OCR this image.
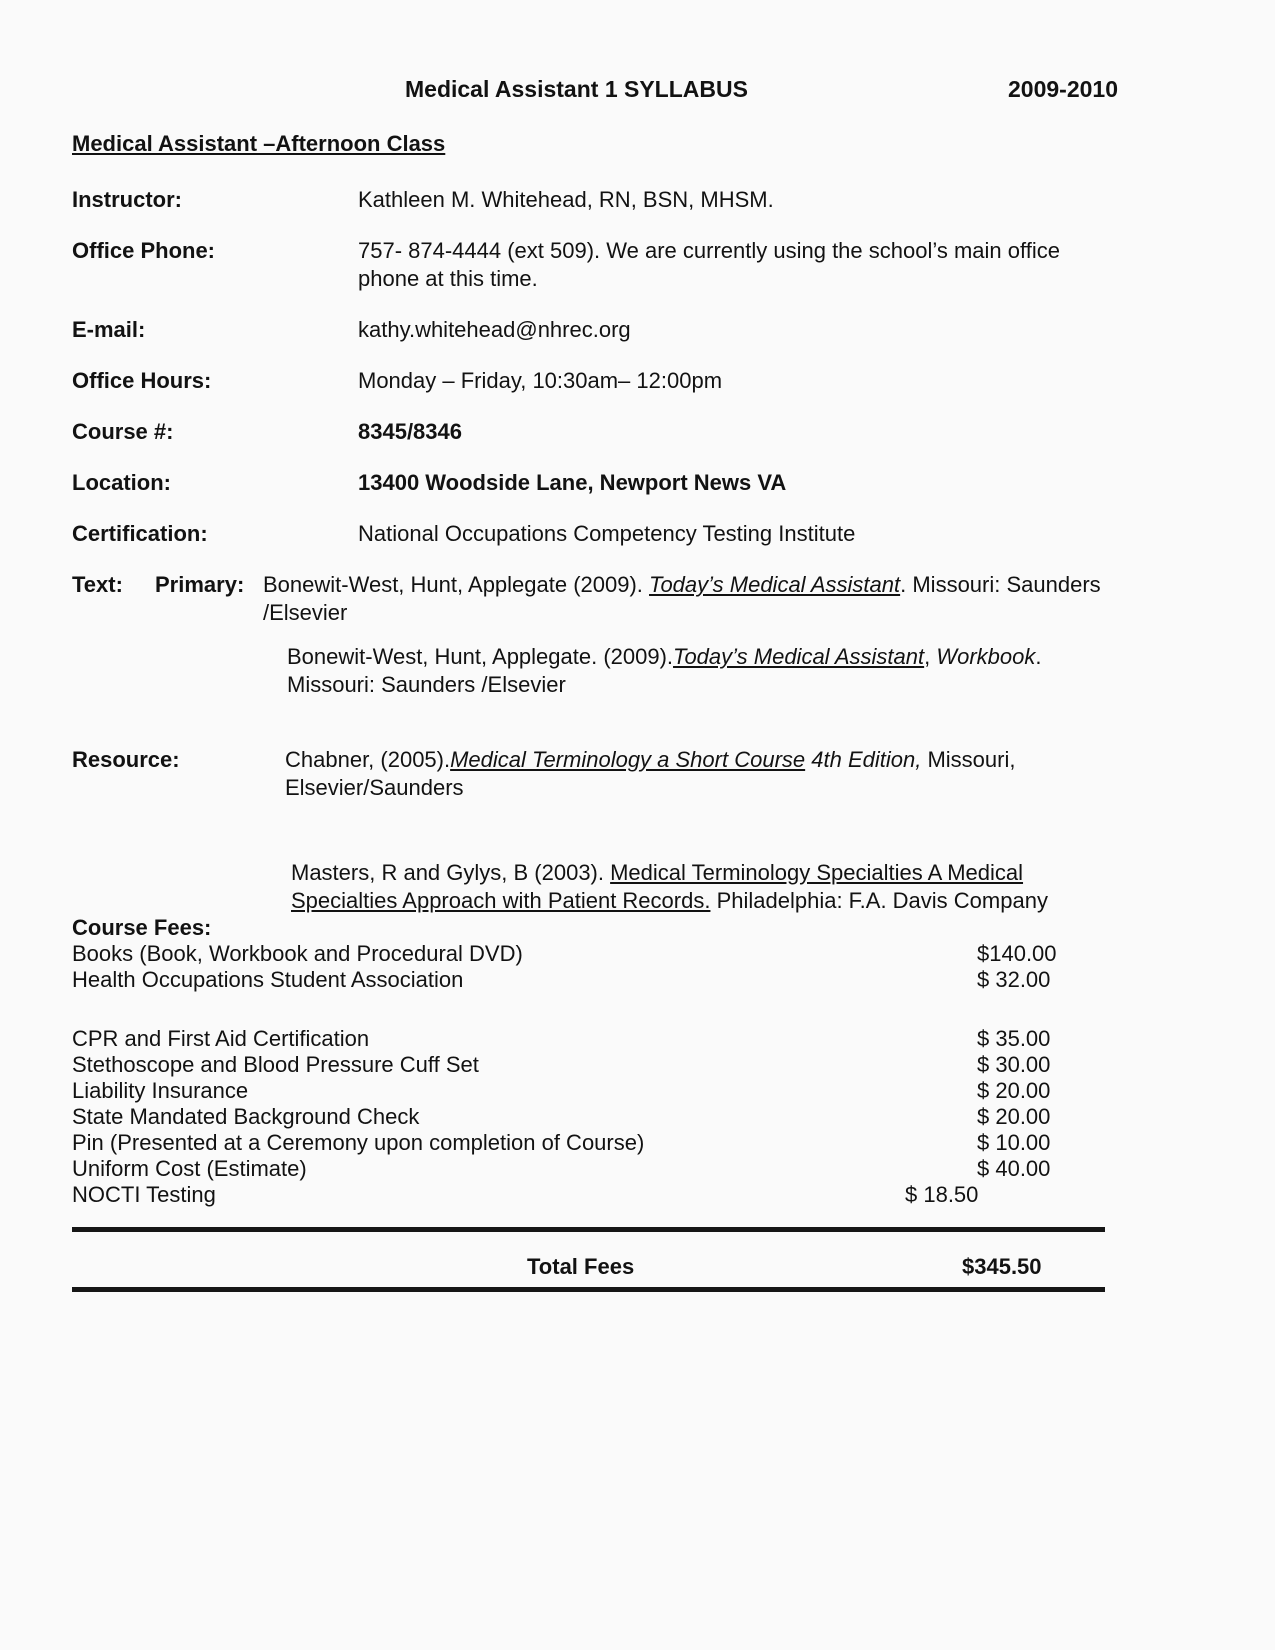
Medical Assistant 1 SYLLABUS	2009-2010
Medical Assistant –Afternoon Class
Instructor:	Kathleen M. Whitehead, RN, BSN, MHSM.
Office Phone:	757- 874-4444 (ext 509). We are currently using the school’s main office phone at this time.
E-mail:	kathy.whitehead@nhrec.org
Office Hours:	Monday – Friday, 10:30am– 12:00pm
Course #:	8345/8346
Location:	13400 Woodside Lane, Newport News VA
Certification:	National Occupations Competency Testing Institute
Text:	Primary: Bonewit-West, Hunt, Applegate (2009). Today’s Medical Assistant. Missouri: Saunders
/Elsevier
Bonewit-West, Hunt, Applegate. (2009).Today’s Medical Assistant, Workbook.
Missouri: Saunders /Elsevier
Resource:	Chabner, (2005).Medical Terminology a Short Course 4th Edition, Missouri,
Elsevier/Saunders
Masters, R and Gylys, B (2003). Medical Terminology Specialties A Medical
Specialties Approach with Patient Records. Philadelphia: F.A. Davis Company
Course Fees:
Books (Book, Workbook and Procedural DVD)	$140.00
Health Occupations Student Association	$ 32.00
CPR and First Aid Certification	$ 35.00
Stethoscope and Blood Pressure Cuff Set	$ 30.00
Liability Insurance	$ 20.00
State Mandated Background Check	$ 20.00
Pin (Presented at a Ceremony upon completion of Course)	$ 10.00
Uniform Cost (Estimate)	$ 40.00
NOCTI Testing	$ 18.50
Total Fees	$345.50
